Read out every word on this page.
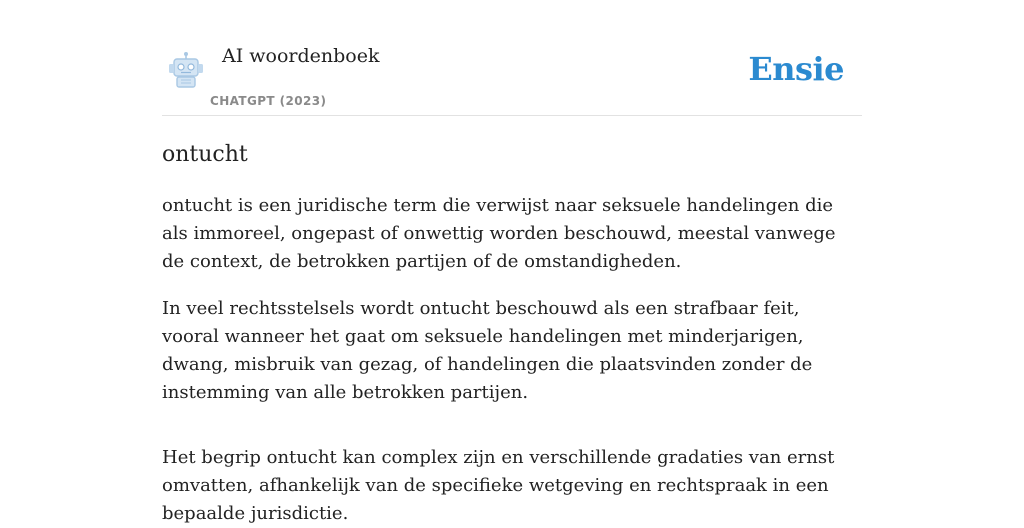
AI woordenboek
CHATGPT (2023)
Ensie
ontucht

ontucht is een juridische term die verwijst naar seksuele handelingen die als immoreel, ongepast of onwettig worden beschouwd, meestal vanwege de context, de betrokken partijen of de omstandigheden.

In veel rechtsstelsels wordt ontucht beschouwd als een strafbaar feit, vooral wanneer het gaat om seksuele handelingen met minderjarigen, dwang, misbruik van gezag, of handelingen die plaatsvinden zonder de instemming van alle betrokken partijen.

Het begrip ontucht kan complex zijn en verschillende gradaties van ernst omvatten, afhankelijk van de specifieke wetgeving en rechtspraak in een bepaalde jurisdictie.
